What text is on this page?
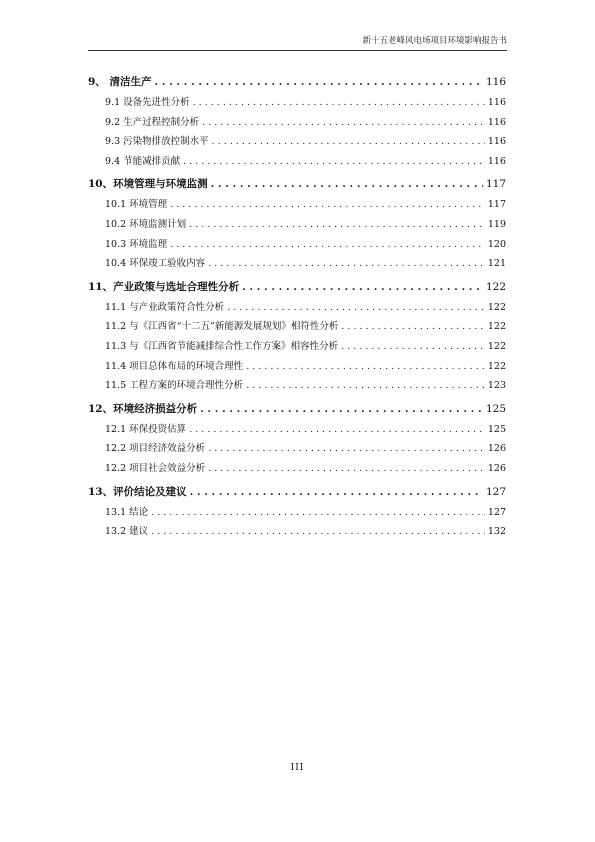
新十五老峰风电场项目环境影响报告书
9、 清洁生产 . . .	116
9.1 设备先进性分析 . . .	116
9.2 生产过程控制分析 . . .	116
9.3 污染物排放控制水平 . . .	116
9.4 节能减排贡献 . . .	116
10、环境管理与环境监测 . . .	117
10.1 环境管理 . . .	117
10.2 环境监测计划 . . .	119
10.3 环境监理 . . .	120
10.4 环保竣工验收内容 . . .	121
11、产业政策与选址合理性分析 . . .	122
11.1 与产业政策符合性分析 . . .	122
11.2 与《江西省“十二五”新能源发展规划》相符性分析 . . .	122
11.3 与《江西省节能减排综合性工作方案》相容性分析 . . .	122
11.4 项目总体布局的环境合理性 . . .	122
11.5 工程方案的环境合理性分析 . . .	123
12、环境经济损益分析 . . .	125
12.1 环保投资估算 . . .	125
12.2 项目经济效益分析 . . .	126
12.2 项目社会效益分析 . . .	126
13、评价结论及建议 . . .	127
13.1 结论 . . .	127
13.2 建议 . . .	132
III
